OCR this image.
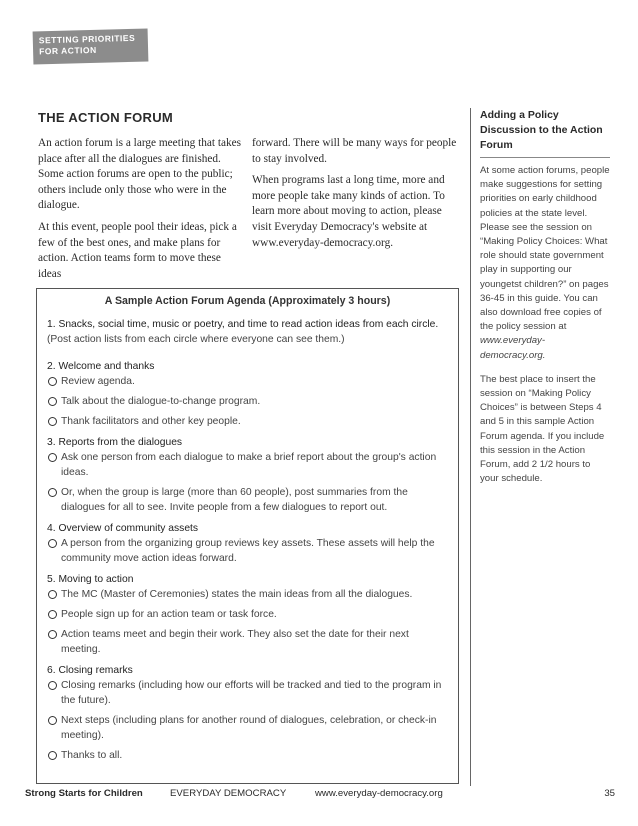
SETTING PRIORITIES
FOR ACTION
THE ACTION FORUM

An action forum is a large meeting that takes place after all the dialogues are finished. Some action forums are open to the public; others include only those who were in the dialogue.

At this event, people pool their ideas, pick a few of the best ones, and make plans for action. Action teams form to move these ideas

forward. There will be many ways for people to stay involved.

When programs last a long time, more and more people take many kinds of action. To learn more about moving to action, please visit Everyday Democracy's website at www.everyday-democracy.org.

Adding a Policy Discussion to the Action Forum

At some action forums, people make suggestions for setting priorities on early childhood policies at the state level. Please see the session on “Making Policy Choices: What role should state government play in supporting our youngetst children?” on pages 36-45 in this guide. You can also download free copies of the policy session at www.everyday-democracy.org.

The best place to insert the session on “Making Policy Choices” is between Steps 4 and 5 in this sample Action Forum agenda. If you include this session in the Action Forum, add 2 1/2 hours to your schedule.

A Sample Action Forum Agenda (Approximately 3 hours)
1. Snacks, social time, music or poetry, and time to read action ideas from each circle.
(Post action lists from each circle where everyone can see them.)
2. Welcome and thanks
Review agenda.
Talk about the dialogue-to-change program.
Thank facilitators and other key people.
3. Reports from the dialogues
Ask one person from each dialogue to make a brief report about the group's action ideas.
Or, when the group is large (more than 60 people), post summaries from the dialogues for all to see. Invite people from a few dialogues to report out.
4. Overview of community assets
A person from the organizing group reviews key assets. These assets will help the community move action ideas forward.
5. Moving to action
The MC (Master of Ceremonies) states the main ideas from all the dialogues.
People sign up for an action team or task force.
Action teams meet and begin their work. They also set the date for their next meeting.
6. Closing remarks
Closing remarks (including how our efforts will be tracked and tied to the program in the future).
Next steps (including plans for another round of dialogues, celebration, or check-in meeting).
Thanks to all.
Strong Starts for Children	EVERYDAY DEMOCRACY	www.everyday-democracy.org	35
